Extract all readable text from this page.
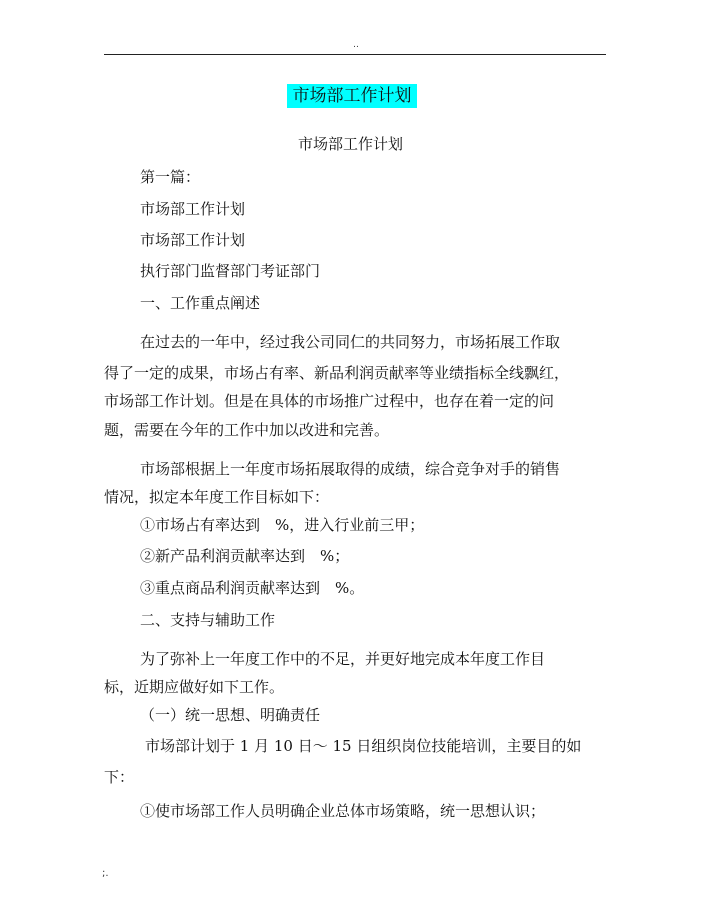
..
市场部工作计划
市场部工作计划
第一篇：
市场部工作计划
市场部工作计划
执行部门监督部门考证部门
一、工作重点阐述
在过去的一年中，经过我公司同仁的共同努力，市场拓展工作取
得了一定的成果，市场占有率、新品利润贡献率等业绩指标全线飘红，
市场部工作计划。但是在具体的市场推广过程中，也存在着一定的问
题，需要在今年的工作中加以改进和完善。
市场部根据上一年度市场拓展取得的成绩，综合竞争对手的销售
情况，拟定本年度工作目标如下：
①市场占有率达到　%，进入行业前三甲；
②新产品利润贡献率达到　%；
③重点商品利润贡献率达到　%。
二、支持与辅助工作
为了弥补上一年度工作中的不足，并更好地完成本年度工作目
标，近期应做好如下工作。
（一）统一思想、明确责任
市场部计划于 1 月 10 日～ 15 日组织岗位技能培训，主要目的如
下：
①使市场部工作人员明确企业总体市场策略，统一思想认识；
;.
